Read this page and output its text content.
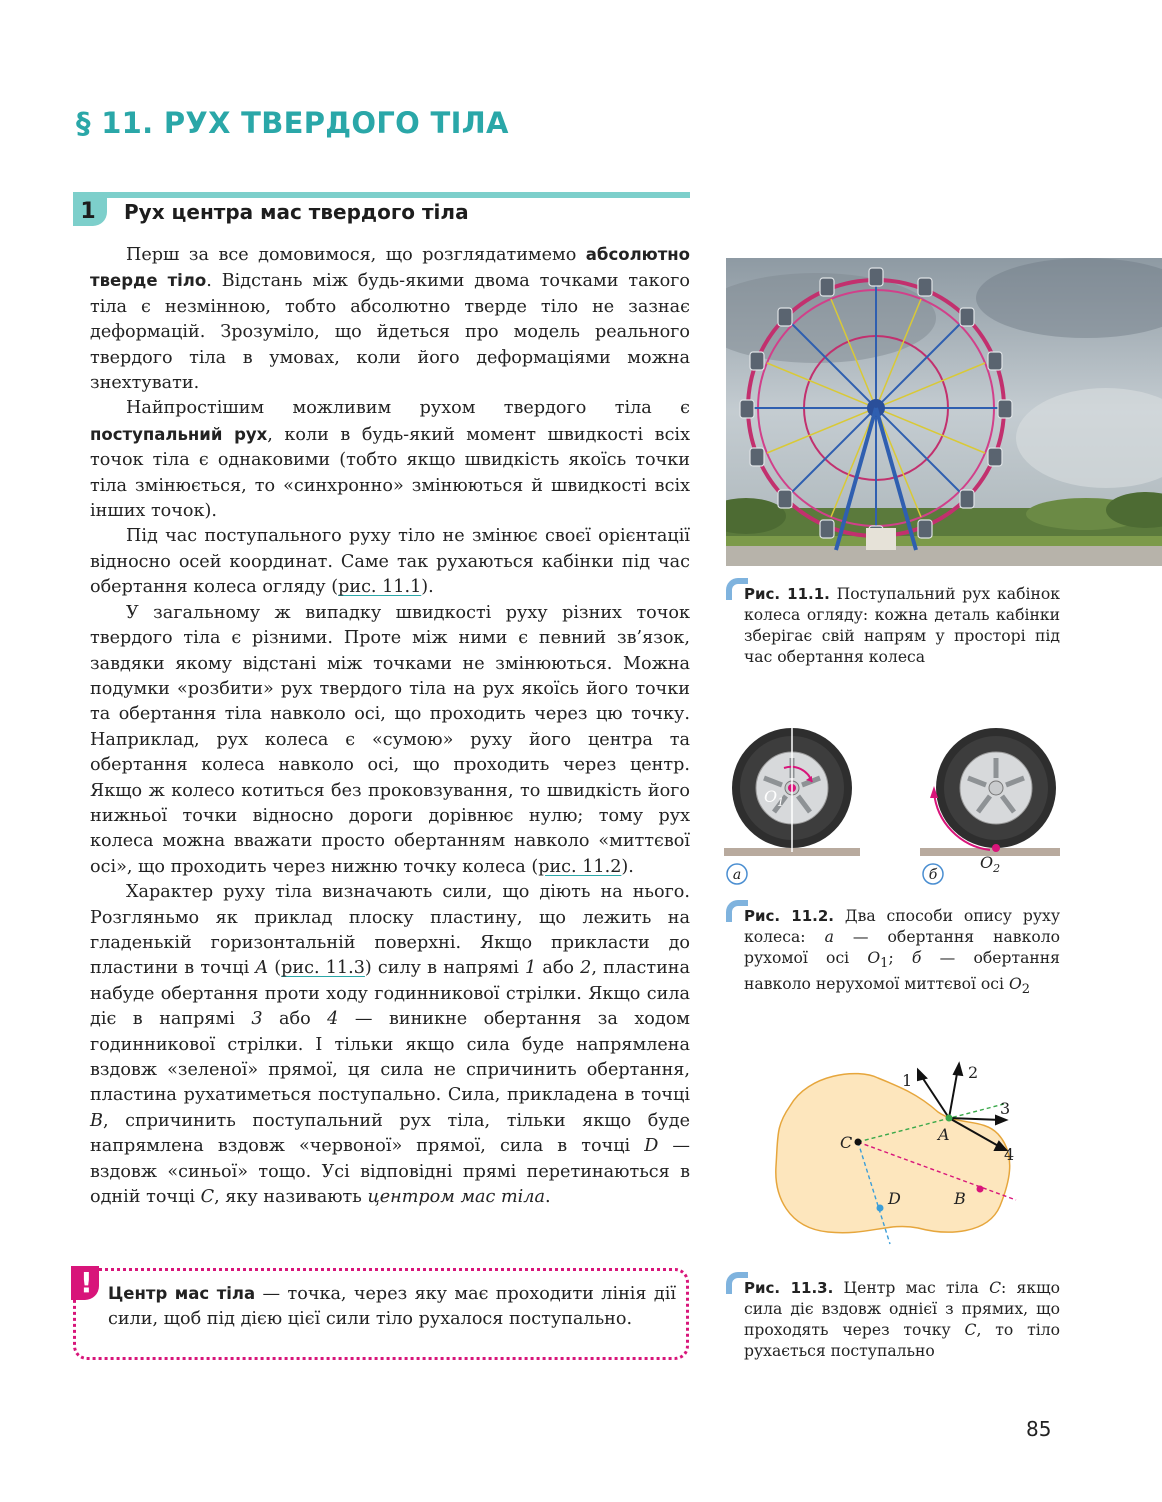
§ 11. РУХ ТВЕРДОГО ТІЛА
1	Рух центра мас твердого тіла

Перш за все домовимося, що розглядатимемо абсолютно тверде тіло. Відстань між будь-якими двома точками такого тіла є незмінною, тобто абсолютно тверде тіло не зазнає деформацій. Зрозуміло, що йдеться про модель реального твердого тіла в умовах, коли його деформаціями можна знехтувати.

Найпростішим можливим рухом твердого тіла є поступальний рух, коли в будь-який момент швидкості всіх точок тіла є однаковими (тобто якщо швидкість якоїсь точки тіла змінюється, то «синхронно» змінюються й швидкості всіх інших точок).

Під час поступального руху тіло не змінює своєї орієнтації відносно осей координат. Саме так рухаються кабінки під час обертання колеса огляду (рис. 11.1).

У загальному ж випадку швидкості руху різних точок твердого тіла є різними. Проте між ними є певний зв’язок, завдяки якому відстані між точками не змінюються. Можна подумки «розбити» рух твердого тіла на рух якоїсь його точки та обертання тіла навколо осі, що проходить через цю точку. Наприклад, рух колеса є «сумою» руху його центра та обертання колеса навколо осі, що проходить через центр. Якщо ж колесо котиться без проковзування, то швидкість його нижньої точки відносно дороги дорівнює нулю; тому рух колеса можна вважати просто обертанням навколо «миттєвої осі», що проходить через нижню точку колеса (рис. 11.2).

Характер руху тіла визначають сили, що діють на нього. Розгляньмо як приклад плоску пластину, що лежить на гладенькій горизонтальній поверхні. Якщо прикласти до пластини в точці A (рис. 11.3) силу в напрямі 1 або 2, пластина набуде обертання проти ходу годинникової стрілки. Якщо сила діє в напрямі 3 або 4 — виникне обертання за ходом годинникової стрілки. І тільки якщо сила буде напрямлена вздовж «зеленої» прямої, ця сила не спричинить обертання, пластина рухатиметься поступально. Сила, прикладена в точці B, спричинить поступальний рух тіла, тільки якщо буде напрямлена вздовж «червоної» прямої, сила в точці D — вздовж «синьої» тощо. Усі відповідні прямі перетинаються в одній точці C, яку називають центром мас тіла.

! Центр мас тіла — точка, через яку має проходити лінія дії сили, щоб під дією цієї сили тіло рухалося поступально.
Рис. 11.1. Поступальний рух кабінок колеса огляду: кожна деталь кабінки зберігає свій напрям у просторі під час обертання колеса
$O_1$
$O_2$
а	б
Рис. 11.2. Два способи опису руху колеса: а — обертання навколо рухомої осі $O_1$; б — обертання навколо нерухомої миттєвої осі $O_2$
1	2
3
4
A
C
B
D
Рис. 11.3. Центр мас тіла C: якщо сила діє вздовж однієї з прямих, що проходять через точку C, то тіло рухається поступально
85
